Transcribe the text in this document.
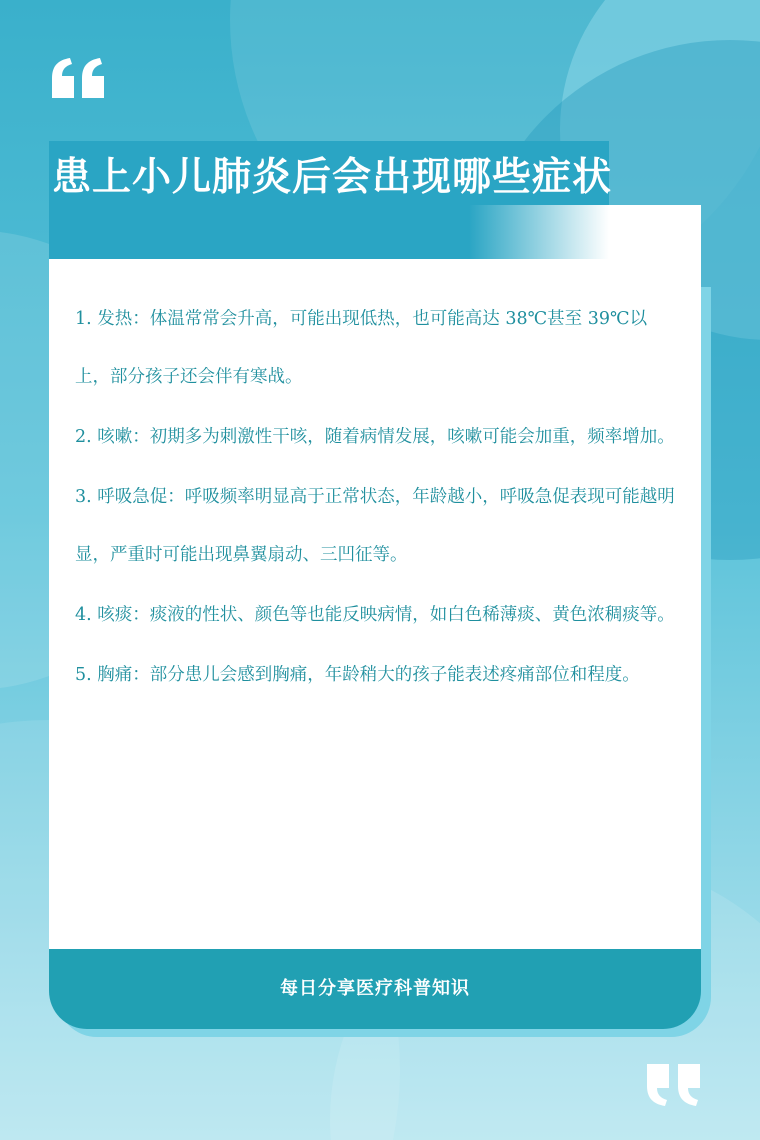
患上小儿肺炎后会出现哪些症状

1. 发热：体温常常会升高，可能出现低热，也可能高达 38℃甚至 39℃以上，部分孩子还会伴有寒战。

2. 咳嗽：初期多为刺激性干咳，随着病情发展，咳嗽可能会加重，频率增加。

3. 呼吸急促：呼吸频率明显高于正常状态，年龄越小，呼吸急促表现可能越明显，严重时可能出现鼻翼扇动、三凹征等。

4. 咳痰：痰液的性状、颜色等也能反映病情，如白色稀薄痰、黄色浓稠痰等。

5. 胸痛：部分患儿会感到胸痛，年龄稍大的孩子能表述疼痛部位和程度。

每日分享医疗科普知识
